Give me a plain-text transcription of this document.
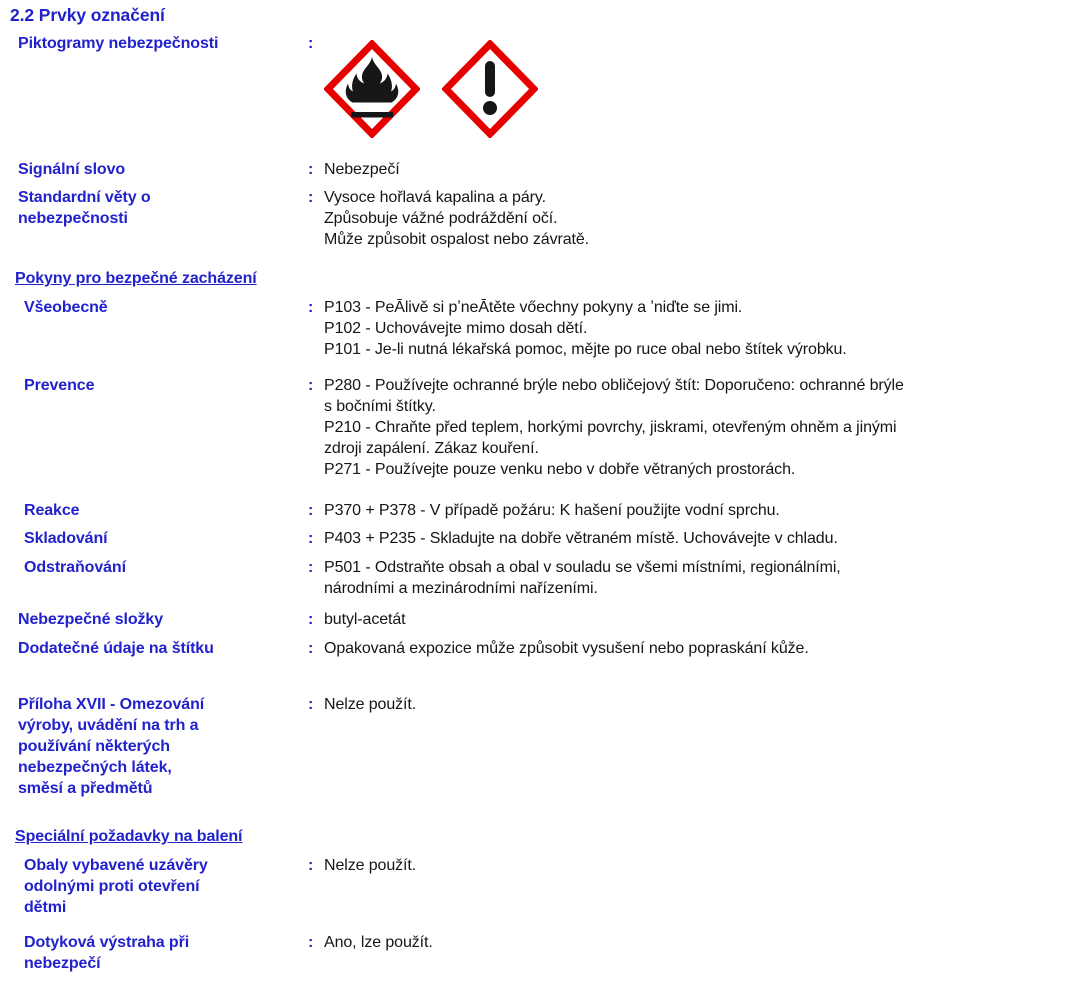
2.2 Prvky označení
Piktogramy nebezpečnosti	:
Signální slovo	: Nebezpečí
Standardní věty o
nebezpečnosti
: Vysoce hořlavá kapalina a páry.
Způsobuje vážné podráždění očí.
Může způsobit ospalost nebo závratě.
Pokyny pro bezpečné zacházení
Všeobecně	: P103 - PeĀlivě si pʼneĀtěte vőechny pokyny a ʼniďte se jimi.
P102 - Uchovávejte mimo dosah dětí.
P101 - Je-li nutná lékařská pomoc, mějte po ruce obal nebo štítek výrobku.
Prevence	: P280 - Používejte ochranné brýle nebo obličejový štít: Doporučeno: ochranné brýle
s bočními štítky.
P210 - Chraňte před teplem, horkými povrchy, jiskrami, otevřeným ohněm a jinými
zdroji zapálení. Zákaz kouření.
P271 - Používejte pouze venku nebo v dobře větraných prostorách.
Reakce	: P370 + P378 - V případě požáru: K hašení použijte vodní sprchu.
Skladování	: P403 + P235 - Skladujte na dobře větraném místě. Uchovávejte v chladu.
Odstraňování	: P501 - Odstraňte obsah a obal v souladu se všemi místními, regionálními,
národními a mezinárodními nařízeními.
Nebezpečné složky	: butyl-acetát
Dodatečné údaje na štítku	: Opakovaná expozice může způsobit vysušení nebo popraskání kůže.
Příloha XVII - Omezování
výroby, uvádění na trh a
používání některých
nebezpečných látek,
směsí a předmětů
: Nelze použít.
Speciální požadavky na balení
Obaly vybavené uzávěry
odolnými proti otevření
dětmi
: Nelze použít.
Dotyková výstraha při
nebezpečí
: Ano, lze použít.
